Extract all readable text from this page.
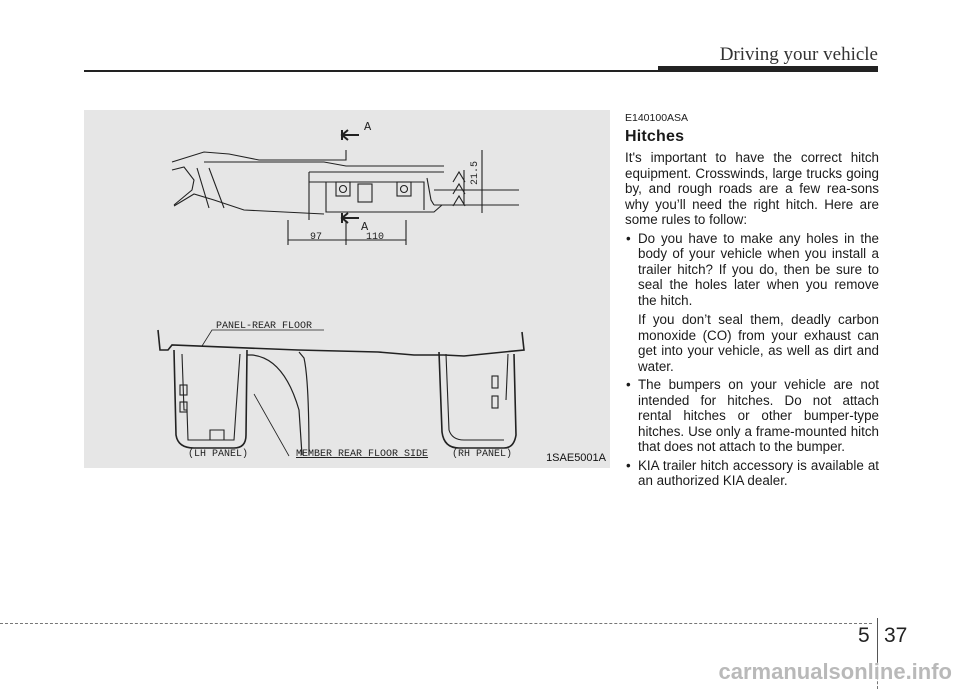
Driving your vehicle
A
A
97	110
21.5
PANEL-REAR FLOOR
(LH PANEL)	MEMBER REAR FLOOR SIDE (RH PANEL)	1SAE5001A
E140100ASA
Hitches

It's important to have the correct hitch equipment. Crosswinds, large trucks going by, and rough roads are a few rea-sons why you’ll need the right hitch. Here are some rules to follow:

• Do you have to make any holes in the body of your vehicle when you install a trailer hitch? If you do, then be sure to seal the holes later when you remove the hitch.

If you don’t seal them, deadly carbon monoxide (CO) from your exhaust can get into your vehicle, as well as dirt and water.

• The bumpers on your vehicle are not intended for hitches. Do not attach rental hitches or other bumper-type hitches. Use only a frame-mounted hitch that does not attach to the bumper.
• KIA trailer hitch accessory is available at an authorized KIA dealer.
5 37
carmanualsonline.info
